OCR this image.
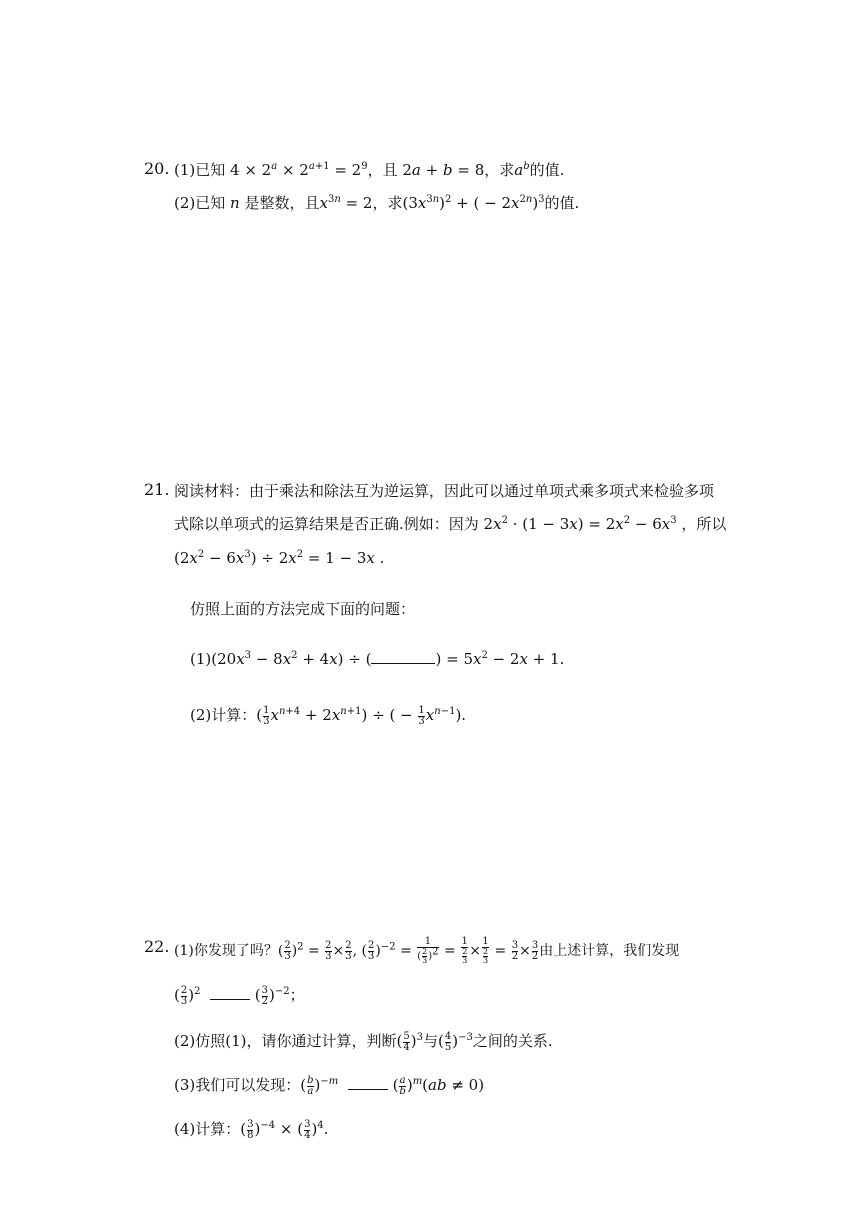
20. (1)已知 $4 \times 2^a \times 2^{a+1} = 2^9$，且 2a + b = 8，求$a^b$的值.
(2)已知 n 是整数，且$x^{3n} = 2$，求$(3x^{3n})^2$ + ( − $2x^{2n})^3$的值.
21. 阅读材料：由于乘法和除法互为逆运算，因此可以通过单项式乘多项式来检验多项
式除以单项式的运算结果是否正确.例如：因为 $2x^2 \cdot (1 - 3x) = 2x^2 - 6x^3$ ，所以
$(2x^2 - 6x^3) \div 2x^2 = 1 - 3x$ .
仿照上面的方法完成下面的问题：
$(1)(20x^3 - 8x^2 + 4x)$ ÷ (	) = $5x^2 - 2x + 1$.
(2)计算：( $\frac{1}{3} x^{n+4} + 2x^{n+1}$) ÷ ( − $\frac{1}{3} x^{n-1}$).
22. (1)你发现了吗？( $\frac{2}{3} )^2 = \frac{2}{3} \times \frac{2}{3}$ , ( $\frac{2}{3} )^{-2} = \frac{1}{( \frac{2}{3} )^2} = \frac{1}{\frac{2}{3}} \times \frac{1}{\frac{2}{3}} = \frac{3}{2} \times \frac{3}{2}$ 由上述计算，我们发现
( $\frac{2}{3} )^2$	( $\frac{3}{2} )^{-2}$；
(2)仿照(1)，请你通过计算，判断( $\frac{5}{4} )^3$与( $\frac{4}{5} )^{-3}$之间的关系.
(3)我们可以发现：( $\frac{b}{a} )^{-m}$	( $\frac{a}{b} )^m(ab \ne 0)$
(4)计算：( $\frac{3}{8} )^{-4}$ × ( $\frac{3}{4} )^4$.
